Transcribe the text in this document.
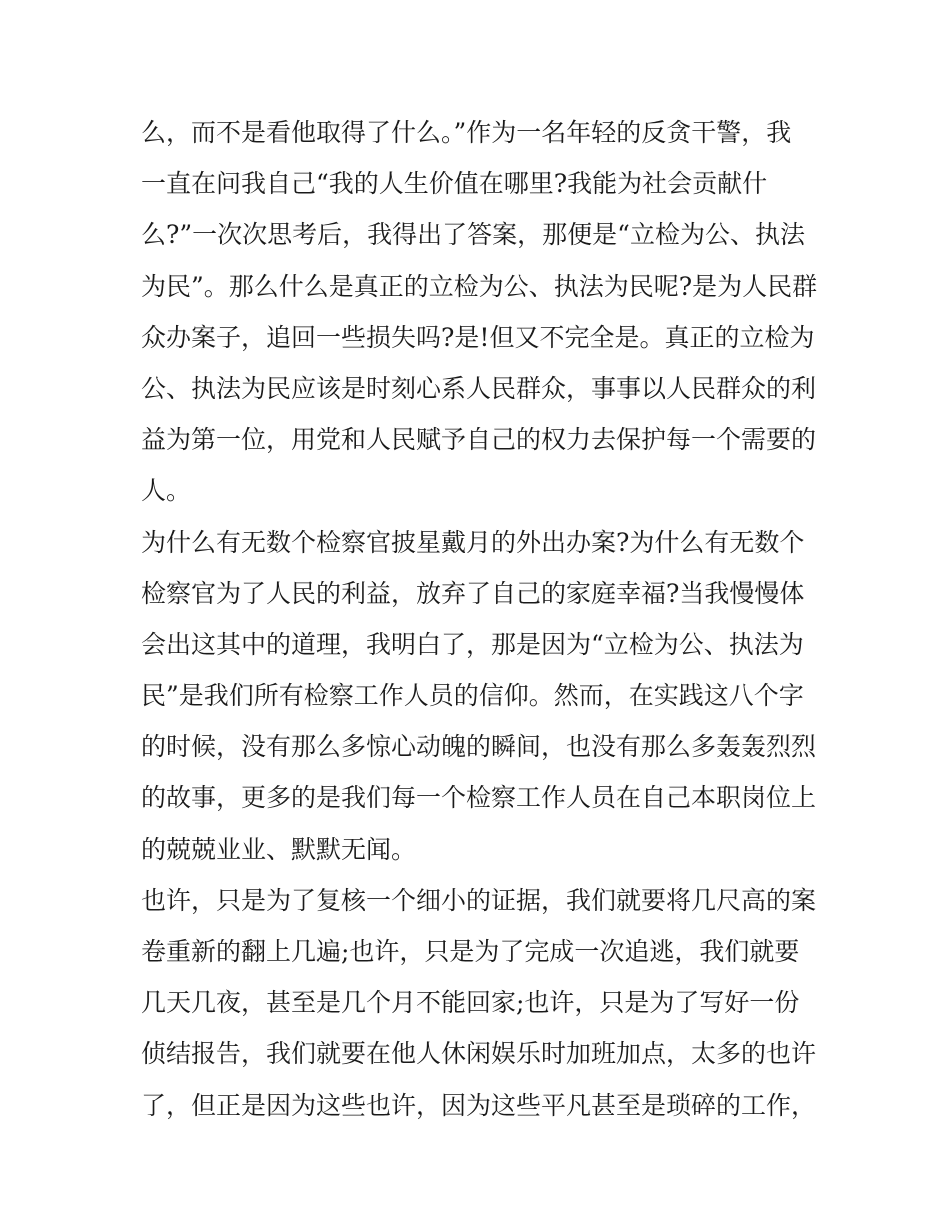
么，而不是看他取得了什么。”作为一名年轻的反贪干警，我
一直在问我自己“我的人生价值在哪里?我能为社会贡献什
么?”一次次思考后，我得出了答案，那便是“立检为公、执法
为民”。那么什么是真正的立检为公、执法为民呢?是为人民群
众办案子，追回一些损失吗?是!但又不完全是。真正的立检为
公、执法为民应该是时刻心系人民群众，事事以人民群众的利
益为第一位，用党和人民赋予自己的权力去保护每一个需要的
人。
为什么有无数个检察官披星戴月的外出办案?为什么有无数个
检察官为了人民的利益，放弃了自己的家庭幸福?当我慢慢体
会出这其中的道理，我明白了，那是因为“立检为公、执法为
民”是我们所有检察工作人员的信仰。然而，在实践这八个字
的时候，没有那么多惊心动魄的瞬间，也没有那么多轰轰烈烈
的故事，更多的是我们每一个检察工作人员在自己本职岗位上
的兢兢业业、默默无闻。
也许，只是为了复核一个细小的证据，我们就要将几尺高的案
卷重新的翻上几遍;也许，只是为了完成一次追逃，我们就要
几天几夜，甚至是几个月不能回家;也许，只是为了写好一份
侦结报告，我们就要在他人休闲娱乐时加班加点，太多的也许
了，但正是因为这些也许，因为这些平凡甚至是琐碎的工作，
